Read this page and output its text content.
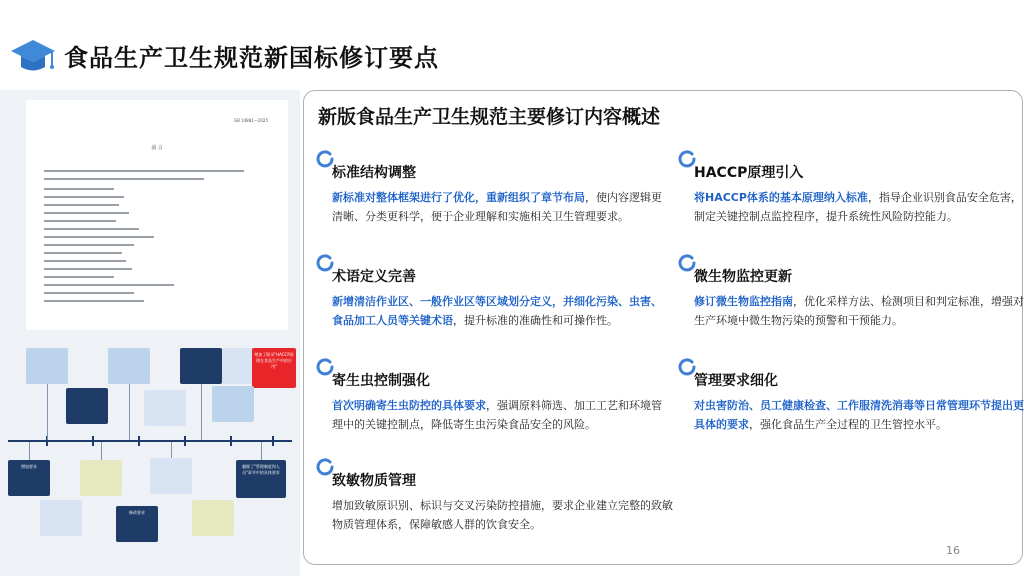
食品生产卫生规范新国标修订要点
GB 14881—2025
前 言
增加了附录"HACCP原理在食品生产中的应用"
增加要求	删除了"管理制度和人员"章节中的具体要求
修改要求
新版食品生产卫生规范主要修订内容概述
标准结构调整
新标准对整体框架进行了优化，重新组织了章节布局，使内容逻辑更清晰、分类更科学，便于企业理解和实施相关卫生管理要求。
术语定义完善
新增清洁作业区、一般作业区等区域划分定义，并细化污染、虫害、食品加工人员等关键术语，提升标准的准确性和可操作性。
寄生虫控制强化
首次明确寄生虫防控的具体要求，强调原料筛选、加工工艺和环境管理中的关键控制点，降低寄生虫污染食品安全的风险。
致敏物质管理
增加致敏原识别、标识与交叉污染防控措施，要求企业建立完整的致敏物质管理体系，保障敏感人群的饮食安全。
HACCP原理引入
将HACCP体系的基本原理纳入标准，指导企业识别食品安全危害，制定关键控制点监控程序，提升系统性风险防控能力。
微生物监控更新
修订微生物监控指南，优化采样方法、检测项目和判定标准，增强对生产环境中微生物污染的预警和干预能力。
管理要求细化
对虫害防治、员工健康检查、工作服清洗消毒等日常管理环节提出更具体的要求，强化食品生产全过程的卫生管控水平。
16
